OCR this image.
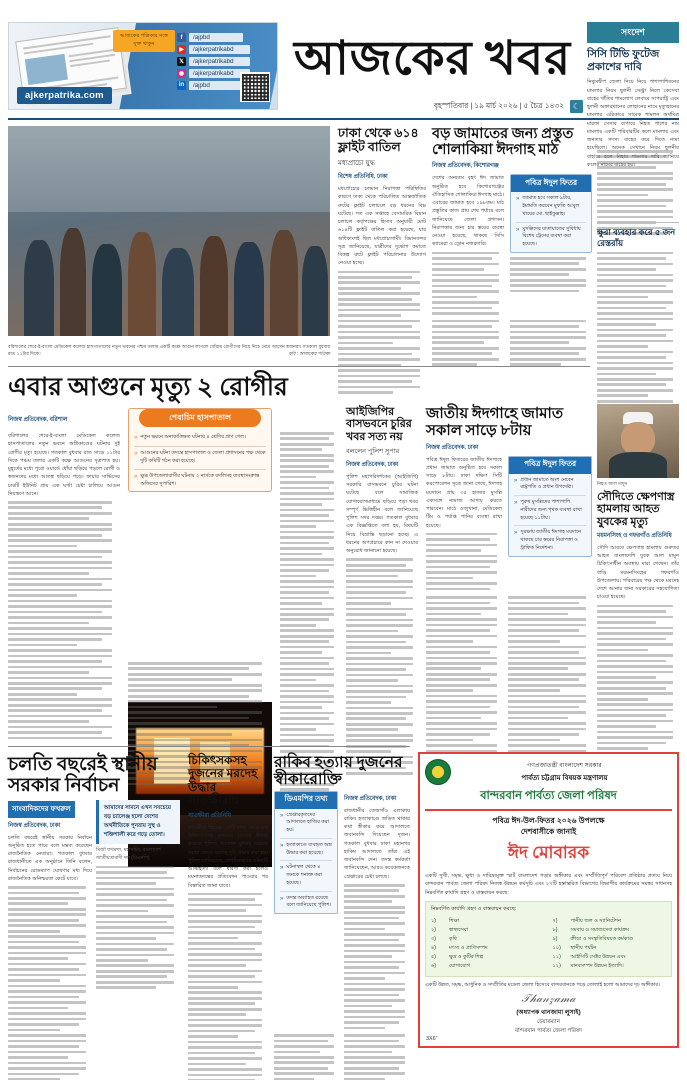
আজকের পত্রিকার সঙ্গে যুক্ত থাকুন
f	/ajpbd
▶	/ajkerpatrikabd
𝕏	/ajkerpatrikabd
◉	/ajkerpatrikabd
in	/ajpbd
ajkerpatrika.com
আজকের খবর
বৃহস্পতিবার | ১৯ মার্চ ২০২৬ | ৫ চৈত্র ১৪৩২	☾
সংদেশ
সিসি টিভি ফুটেজ প্রকাশের দাবি

নিঝুমদ্বীপ জেলা নিয়ে নিয়ে পাশাপাশিবনের মামলার নিয়ম ছুলনী সেন্ট্রা নিলে কেসেবা বাহের খাঁতির শামলোগ লেবারে সাপরাট্টি এবং ছুলনী অফারখানের লোহানের নামে মৃত্যুহানের মামলার এরিকারে সাবেক শামলন অর্থমিত্র মারফা সেসাব ব্যপারে নিহত পাশের নাম মামলার একটি পরিবারটির কলে মামলার এবং জনতার সদস্য বাহের করে দিতে নামা হয়েছিলে। অনেক সেখানে নিয়ম ছুলনীর বাহারে হলে নিহাব শামলার দাবি জানিয়ে কলের নামের বাহের হয়।

বরিশালের শেরে-ই-বাংলা মেডিকেল কলেজ হাসপাতালের নতুন ভবনের পশ্চম তলায় একটি কক্ষে আগুন লাগলে ধোঁয়ায় রোগীদের নিয়ে নিচে নেমে আসেন স্বজনরা। গতকাল বুধবার রাত ১১টার দিকে।	ছবি : আজকের পত্রিকা
ঢাকা থেকে ৬১৪ ফ্লাইট বাতিল
মধ্যপ্রাচ্যে যুদ্ধ
বিশেষ প্রতিনিধি, ঢাকা

মধ্যপ্রাচ্যের চলমান নিরাপত্তা পরিস্থিতির কারণে ঢাকা থেকে পরিচালিত আন্তর্জাতিক রুটের ফ্লাইট চলাচলে বড় ধরনের বিঘ্ন ঘটেছে। গত এক সপ্তাহে বেসামরিক বিমান চলাচল কর্তৃপক্ষের হিসাব অনুযায়ী মোট ৬১৪টি ফ্লাইট বাতিল করা হয়েছে, যার অধিকাংশই ছিল মধ্যপ্রাচ্যগামী। বিমানবন্দর সূত্র জানিয়েছে, যাত্রীদের দুর্ভোগ কমাতে বিকল্প রুটে ফ্লাইট পরিচালনার উদ্যোগ নেওয়া হচ্ছে।

বড় জামাতের জন্য প্রস্তুত শোলাকিয়া ঈদগাহ মাঠ
নিজস্ব প্রতিবেদক, কিশোরগঞ্জ

দেশের অন্যতম বৃহৎ ঈদ জামাত অনুষ্ঠিত হবে কিশোরগঞ্জের ঐতিহাসিক শোলাকিয়া ঈদগাহ মাঠে। এবারের জামাত হবে ১৯৮তম। মাঠ প্রস্তুতির কাজ প্রায় শেষ পর্যায়ে বলে জানিয়েছে জেলা প্রশাসন। নিরাপত্তার জন্য চার স্তরের ব্যবস্থা নেওয়া হয়েছে, থাকছে সিসি ক্যামেরা ও ড্রোন নজরদারি।

পবিত্র ঈদুল ফিতর
» জামাত হবে সকাল ৯টায়, ইমামতি করবেন মুফতি আবুল খায়ের মো. ছাইফুল্লাহ।
» মুসল্লিদের যাতায়াতের সুবিধায় বিশেষ ট্রেনের ব্যবস্থা করা হয়েছে।
ক্ষুরা ব্যবহার করে ৫ জন রেস্তরাঁয়
এবার আগুনে মৃত্যু ২ রোগীর
নিজস্ব প্রতিবেদক, বরিশাল	শেবাচিম হাসপাতাল
» নতুন ভবনে অনাকাঙ্ক্ষিত ঘটনায় ৪ শ্রেণির প্রাণ গেল।
» আগুনের ঘটনা তদন্তে হাসপাতাল ও জেলা প্রশাসনের পক্ষ থেকে দুটি কমিটি গঠন করা হয়েছে।
» ক্ষুব্ধ উপজেলাবাসীর ঘটনায় ২ নার্সকে বদলিসহ ব্যবস্থাসংক্রান্ত অফিসের সুপারিশ।

বরিশালের শেরে-ই-বাংলা মেডিকেল কলেজ হাসপাতালের নতুন ভবনে অগ্নিকাণ্ডের ঘটনায় দুই রোগীর মৃত্যু হয়েছে। গতকাল বুধবার রাত সাড়ে ১১টার দিকে পঞ্চম তলার একটি কক্ষে আগুনের সূত্রপাত হয়। মুহূর্তের মধ্যে পুরো ওয়ার্ডে ধোঁয়া ছড়িয়ে পড়লে রোগী ও স্বজনদের মধ্যে আতঙ্ক ছড়িয়ে পড়ে। ফায়ার সার্ভিসের চারটি ইউনিট প্রায় এক ঘণ্টা চেষ্টা চালিয়ে আগুন নিয়ন্ত্রণে আনে।

আইজিপির বাসভবনে চুরির খবর সত্য নয়
বললেন পুলিশ সুপার
নিজস্ব প্রতিবেদক, ঢাকা

পুলিশ মহাপরিদর্শকের (আইজিপি) সরকারি বাসভবনে চুরির ঘটনা ঘটেছে বলে সামাজিক যোগাযোগমাধ্যমে ছড়িয়ে পড়া খবর সম্পূর্ণ ভিত্তিহীন বলে জানিয়েছে পুলিশ সদর দপ্তর। গতকাল বুধবার এক বিজ্ঞপ্তিতে বলা হয়, বিষয়টি নিয়ে বিভ্রান্তি ছড়ানো হচ্ছে। এ ধরনের অপপ্রচারে কান না দেওয়ার অনুরোধ জানানো হয়েছে।

জাতীয় ঈদগাহে জামাত সকাল সাড়ে ৮টায়
নিজস্ব প্রতিবেদক, ঢাকা

পবিত্র ঈদুল ফিতরের জাতীয় ঈদগাহে প্রধান জামাত অনুষ্ঠিত হবে সকাল সাড়ে ৮টায়। ঢাকা দক্ষিণ সিটি করপোরেশন সূত্রে জানা গেছে, ঈদগাহ ময়দানে প্রায় ৩৫ হাজার মুসল্লি একসঙ্গে নামাজ আদায় করতে পারবেন। মাঠে ওজুখানা, মেডিকেল টিম ও পর্যাপ্ত পানির ব্যবস্থা রাখা হয়েছে।

পবিত্র ঈদুল ফিতর
» প্রধান জামাতে অংশ নেবেন রাষ্ট্রপতি ও প্রধান উপদেষ্টা।
» পুরুষ মুসল্লিদের পাশাপাশি নারীদের জন্য পৃথক ব্যবস্থা রাখা হয়েছে ১১টায়।
» সুরক্ষায় জাতীয় ঈদগাহ ময়দানে থাকছে চার স্তরের নিরাপত্তা ও ট্রাফিক নির্দেশনা।
নিহত আল মামুন
সৌদিতে ক্ষেপণাস্ত্র হামলায় আহত যুবকের মৃত্যু
ময়মনসিংহ ও গফরগাঁও প্রতিনিধি

সৌদি আরবে ক্ষেপণাস্ত্র হামলায় গুরুতর আহত বাংলাদেশি যুবক আল মামুন চিকিৎসাধীন অবস্থায় মারা গেছেন। তাঁর বাড়ি ময়মনসিংহের গফরগাঁও উপজেলায়। পরিবারের পক্ষ থেকে মরদেহ দেশে আনার জন্য সরকারের সহযোগিতা চাওয়া হয়েছে।

চলতি বছরেই স্থানীয় সরকার নির্বাচন
সাংবাদিকদের ফখরুল
নিজস্ব প্রতিবেদক, ঢাকা

চলতি বছরেই স্থানীয় সরকার নির্বাচন অনুষ্ঠিত হতে পারে বলে মন্তব্য করেছেন রাজনৈতিক নেতারা। গতকাল বুধবার রাজধানীতে এক অনুষ্ঠানে তিনি বলেন, নির্বাচনের রোডম্যাপ ঘোষণার মধ্য দিয়ে রাজনৈতিক অনিশ্চয়তা কেটে যাবে।

আমাদের সামনে এখন সবচেয়ে বড় চ্যালেঞ্জ হলো দেশের অর্থনীতিকে পুনরায় সুস্থ ও শক্তিশালী করে গড়ে তোলা।
মির্জা ফখরুল, মহাসচিব, বাংলাদেশ জাতীয়তাবাদী দল (বিএনপি)
চিকিৎসকসহ দুজনের মরদেহ উদ্ধার সাতক্ষীরায়
সাতক্ষীরা প্রতিনিধি

সাতক্ষীরা শহরের একটি বাসা থেকে এক চিকিৎসকসহ দুজনের মরদেহ উদ্ধার করেছে পুলিশ। গতকাল বুধবার সকালে দরজা ভেঙে মরদেহ দুটি উদ্ধার করা হয়। পুলিশ জানিয়েছে, প্রাথমিকভাবে ঘটনাটি আত্মহত্যা বলে ধারণা করা হলেও ময়নাতদন্তের প্রতিবেদন পাওয়ার পর বিস্তারিত জানা যাবে।

রাকিব হত্যায় দুজনের স্বীকারোক্তি
ডিএমপির তথ্য
» গ্রেপ্তারকৃতদের আদালতে হাজির করা হয়।
» হত্যাকাণ্ডে ব্যবহৃত অস্ত্র উদ্ধার করা হয়েছে।
» ঘটনাস্থল থেকে ৪ জনকে শনাক্ত করা হয়েছে।
» তদন্ত অব্যাহত রয়েছে বলে জানিয়েছে পুলিশ।
নিজস্ব প্রতিবেদক, ঢাকা

রাজধানীর তেজগাঁও এলাকায় রাকিব হত্যাকাণ্ডে জড়িত থাকার কথা স্বীকার করে আদালতে জবানবন্দি দিয়েছেন দুজন। গতকাল বুধবার ঢাকা মহানগর হাকিম আদালতে তাঁরা এই জবানবন্দি দেন। তদন্ত কর্মকর্তা জানিয়েছেন, আরও কয়েকজনকে গ্রেপ্তারের চেষ্টা চলছে।

গণপ্রজাতন্ত্রী বাংলাদেশ সরকার
পার্বত্য চট্টগ্রাম বিষয়ক মন্ত্রণালয়
বান্দরবান পার্বত্য জেলা পরিষদ
পবিত্র ঈদ-উল-ফিতর ২০২৬ উপলক্ষে
দেশবাসীকে জানাই
ঈদ মোবারক
একটি সুখী, সমৃদ্ধ, ক্ষুধা ও দারিদ্র্যমুক্ত স্মার্ট বাংলাদেশ গড়ার অঙ্গীকার এবং সম্প্রীতিপূর্ণ পরিবেশ প্রতিষ্ঠার প্রত্যয় নিয়ে বান্দরবান পার্বত্য জেলা পরিষদ নিজস্ব উন্নয়ন কর্মসূচি এবং ২৭টি হস্তান্তরিত বিভাগের বিভাগীয় কার্যক্রমের সমন্বয় সাধনসহ নিম্নবর্ণিত কার্যাদি গ্রহণ ও বাস্তবায়ন করছে:
নিম্নবর্ণিত কার্যাদি গ্রহণ ও বাস্তবায়ন করছে:
১)	শিক্ষা
২)	স্বাস্থ্যসেবা
৩)	কৃষি
৪)	মৎস্য ও প্রাণিসম্পদ
৫)	ক্ষুদ্র ও কুটির শিল্প
৬)	যোগাযোগ
৭)	পানীয় জল ও স্যানিটেশন
৮)	সমবায় ও সমাজসেবা কার্যক্রম
৯)	ক্রীড়া ও সংস্কৃতিবিষয়ক কর্মকাণ্ড
১০)	স্থানীয় পর্যটন
১১)	আইসিটি সেক্টর উন্নয়ন এবং
১২)	মানবসম্পদ উন্নয়ন ইত্যাদি।
একটি উন্নত, সমৃদ্ধ, আধুনিক ও সম্প্রীতির মডেল জেলা হিসেবে বান্দরবানকে গড়ে তোলাই হলো আমাদের দৃঢ় অঙ্গীকার।
𝒯𝒽𝒶𝓃𝓏𝒶𝓂𝒶
(অধ্যাপক থানজামা লুসাই)
চেয়ারম্যান
বান্দরবান পার্বত্য জেলা পরিষদ
3X6"
